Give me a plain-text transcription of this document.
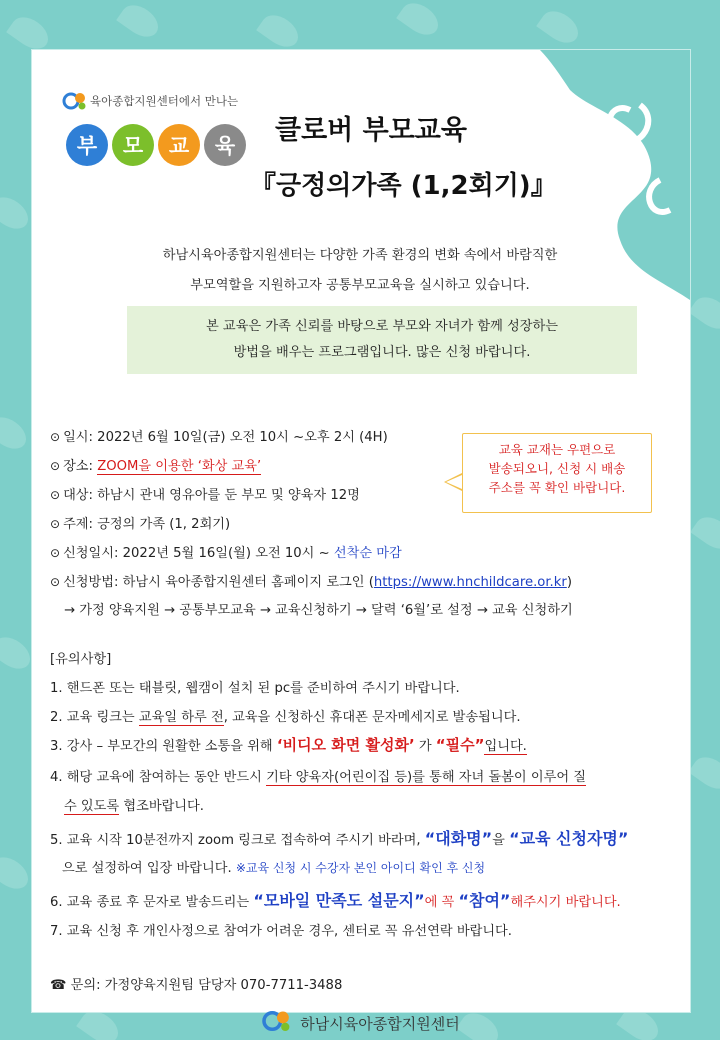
육아종합지원센터에서 만나는
부	모	교	육	클로버 부모교육
『긍정의가족 (1,2회기)』
하남시육아종합지원센터는 다양한 가족 환경의 변화 속에서 바람직한
부모역할을 지원하고자 공통부모교육을 실시하고 있습니다.
본 교육은 가족 신뢰를 바탕으로 부모와 자녀가 함께 성장하는
방법을 배우는 프로그램입니다. 많은 신청 바랍니다.
⊙ 일시: 2022년 6월 10일(금) 오전 10시 ~오후 2시 (4H)
⊙ 장소: ZOOM을 이용한 ‘화상 교육’
⊙ 대상: 하남시 관내 영유아를 둔 부모 및 양육자 12명
⊙ 주제: 긍정의 가족 (1, 2회기)
⊙ 신청일시: 2022년 5월 16일(월) 오전 10시 ~ 선착순 마감
⊙ 신청방법: 하남시 육아종합지원센터 홈페이지 로그인 (https://www.hnchildcare.or.kr)
→ 가정 양육지원 → 공통부모교육 → 교육신청하기 → 달력 ‘6월’로 설정 → 교육 신청하기
교육 교재는 우편으로
발송되오니, 신청 시 배송
주소를 꼭 확인 바랍니다.
[유의사항]
1. 핸드폰 또는 태블릿, 웹캠이 설치 된 pc를 준비하여 주시기 바랍니다.
2. 교육 링크는 교육일 하루 전, 교육을 신청하신 휴대폰 문자메세지로 발송됩니다.
3. 강사 – 부모간의 원활한 소통을 위해 ‘비디오 화면 활성화’ 가 “필수”입니다.
4. 해당 교육에 참여하는 동안 반드시 기타 양육자(어린이집 등)를 통해 자녀 돌봄이 이루어 질
수 있도록 협조바랍니다.
5. 교육 시작 10분전까지 zoom 링크로 접속하여 주시기 바라며, “대화명”을 “교육 신청자명”
으로 설정하여 입장 바랍니다. ※교육 신청 시 수강자 본인 아이디 확인 후 신청
6. 교육 종료 후 문자로 발송드리는 “모바일 만족도 설문지”에 꼭 “참여”해주시기 바랍니다.
7. 교육 신청 후 개인사정으로 참여가 어려운 경우, 센터로 꼭 유선연락 바랍니다.
☎ 문의: 가정양육지원팀 담당자 070-7711-3488
하남시육아종합지원센터
